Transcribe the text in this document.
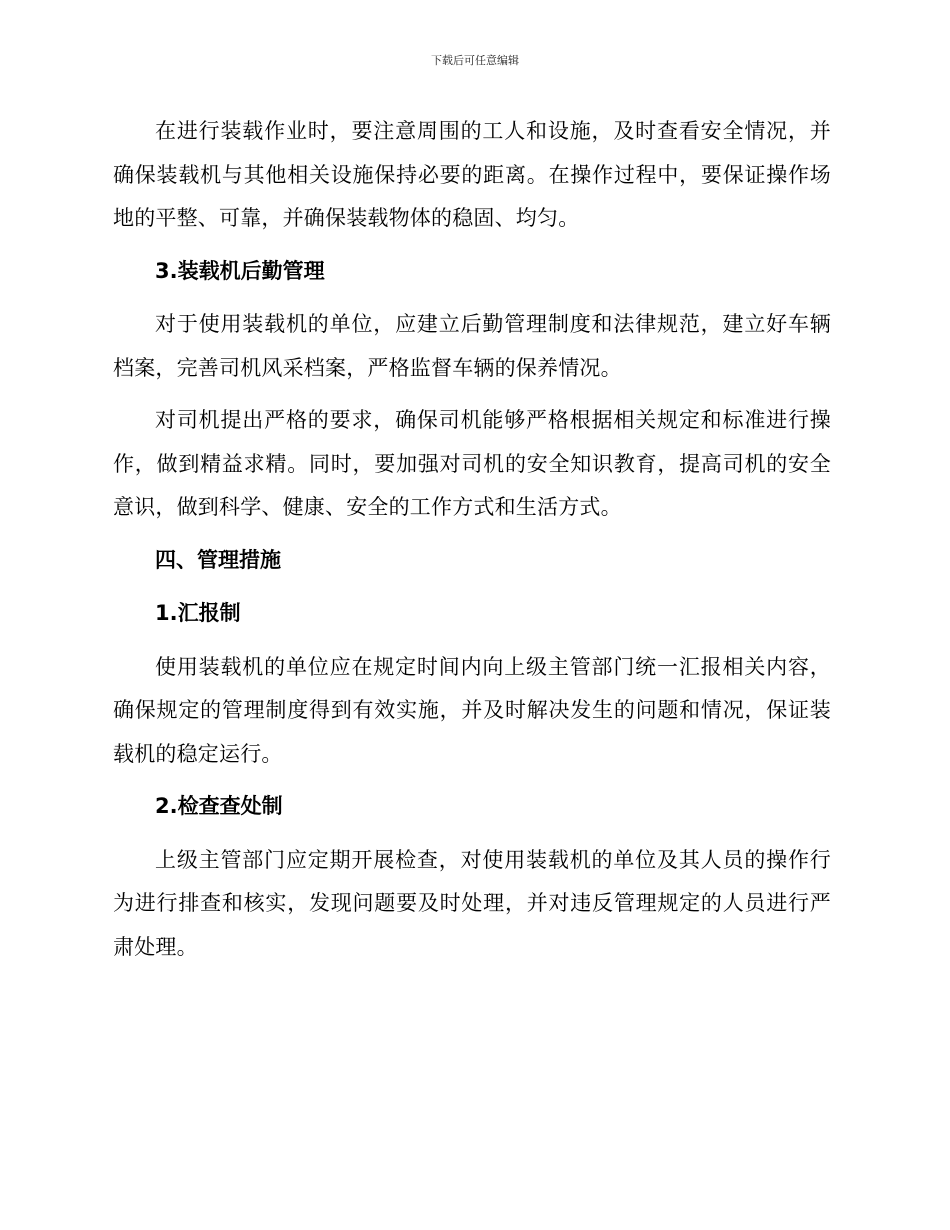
下载后可任意编辑

在进行装载作业时，要注意周围的工人和设施，及时查看安全情况，并确保装载机与其他相关设施保持必要的距离。在操作过程中，要保证操作场地的平整、可靠，并确保装载物体的稳固、均匀。

3.装载机后勤管理

对于使用装载机的单位，应建立后勤管理制度和法律规范，建立好车辆档案，完善司机风采档案，严格监督车辆的保养情况。

对司机提出严格的要求，确保司机能够严格根据相关规定和标准进行操作，做到精益求精。同时，要加强对司机的安全知识教育，提高司机的安全意识，做到科学、健康、安全的工作方式和生活方式。

四、管理措施
1.汇报制

使用装载机的单位应在规定时间内向上级主管部门统一汇报相关内容，确保规定的管理制度得到有效实施，并及时解决发生的问题和情况，保证装载机的稳定运行。

2.检查查处制

上级主管部门应定期开展检查，对使用装载机的单位及其人员的操作行为进行排查和核实，发现问题要及时处理，并对违反管理规定的人员进行严肃处理。
